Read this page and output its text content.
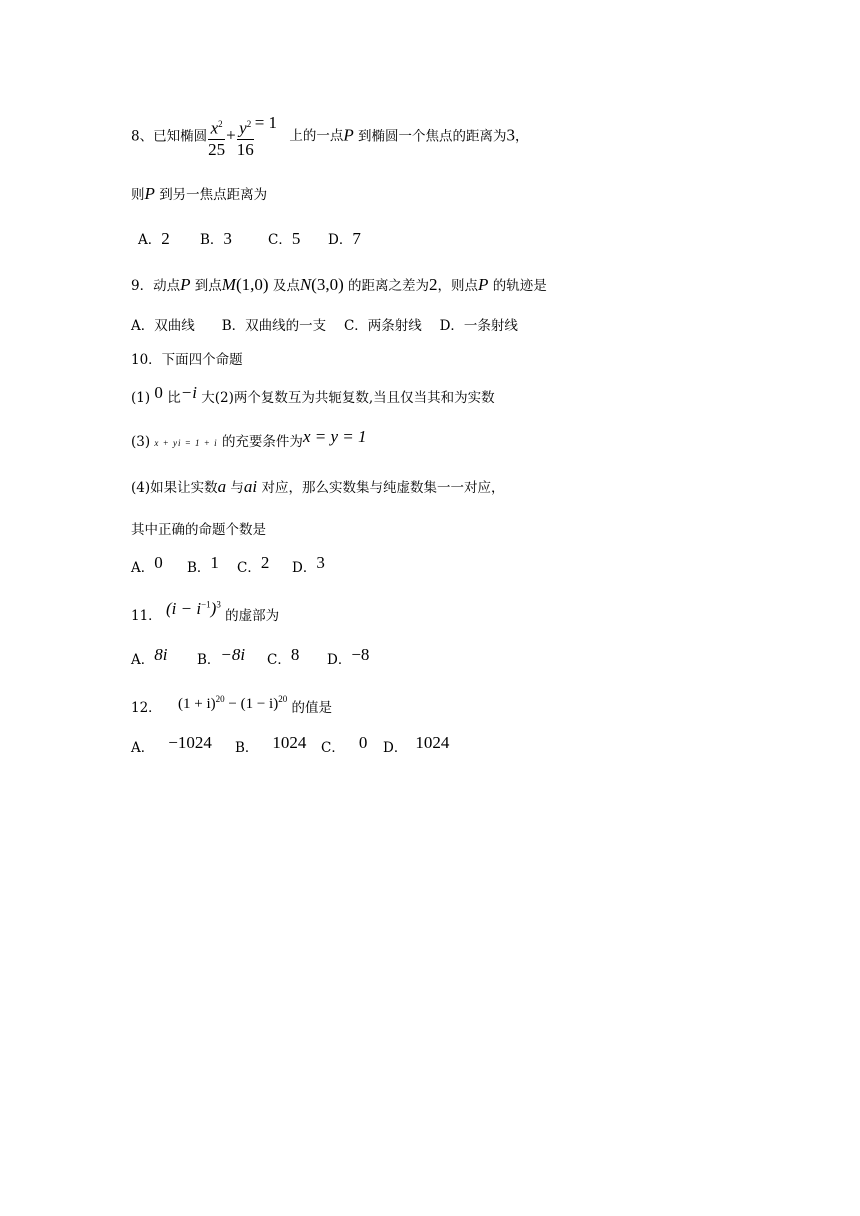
8、已知椭圆 $\frac{x^2}{25} + \frac{y^2}{16} = 1$ 上的一点P 到椭圆一个焦点的距离为3，
则P 到另一焦点距离为
A．2 B．3	C．5 D．7
9．动点P 到点M(1,0) 及点N(3,0) 的距离之差为2，则点P 的轨迹是
A．双曲线　　B．双曲线的一支　 C．两条射线　 D．一条射线
10．下面四个命题
(1) 0 比−i 大(2)两个复数互为共轭复数,当且仅当其和为实数
(3) x + yi = 1 + i 的充要条件为x = y = 1
(4)如果让实数a 与ai 对应，那么实数集与纯虚数集一一对应，
其中正确的命题个数是
A．0 B．1 C．2 D．3
11． $(i - i^{-1})^3$ 的虚部为
A．8i B．−8i C．8 D．−8
12． $(1 + i)^{20} - (1 - i)^{20}$ 的值是
A． −1024 B． 1024 C． 0 D． 1024
